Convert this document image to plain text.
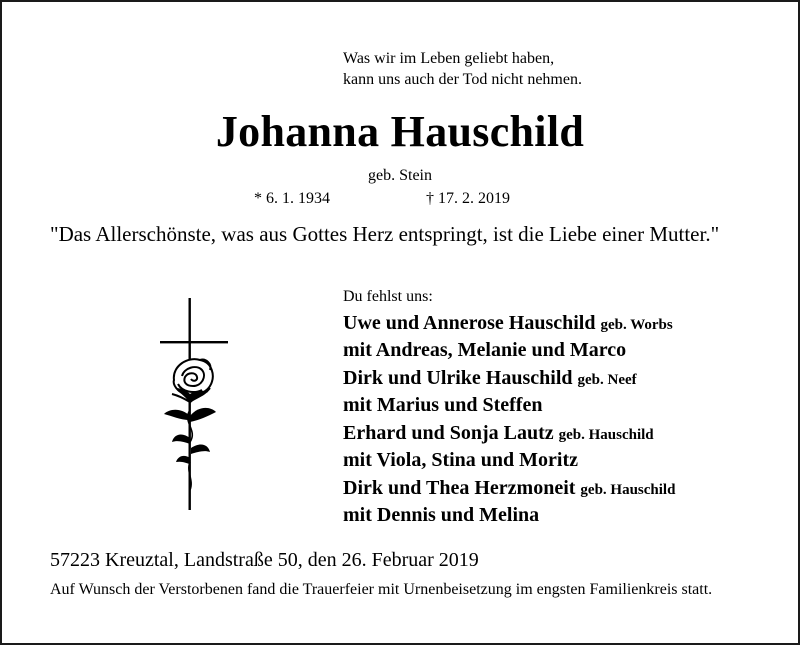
Was wir im Leben geliebt haben,
kann uns auch der Tod nicht nehmen.
Johanna Hauschild
geb. Stein
* 6. 1. 1934	† 17. 2. 2019
"Das Allerschönste, was aus Gottes Herz entspringt, ist die Liebe einer Mutter."
Du fehlst uns:
Uwe und Annerose Hauschild geb. Worbs
mit Andreas, Melanie und Marco
Dirk und Ulrike Hauschild geb. Neef
mit Marius und Steffen
Erhard und Sonja Lautz geb. Hauschild
mit Viola, Stina und Moritz
Dirk und Thea Herzmoneit geb. Hauschild
mit Dennis und Melina
57223 Kreuztal, Landstraße 50, den 26. Februar 2019
Auf Wunsch der Verstorbenen fand die Trauerfeier mit Urnenbeisetzung im engsten Familienkreis statt.
